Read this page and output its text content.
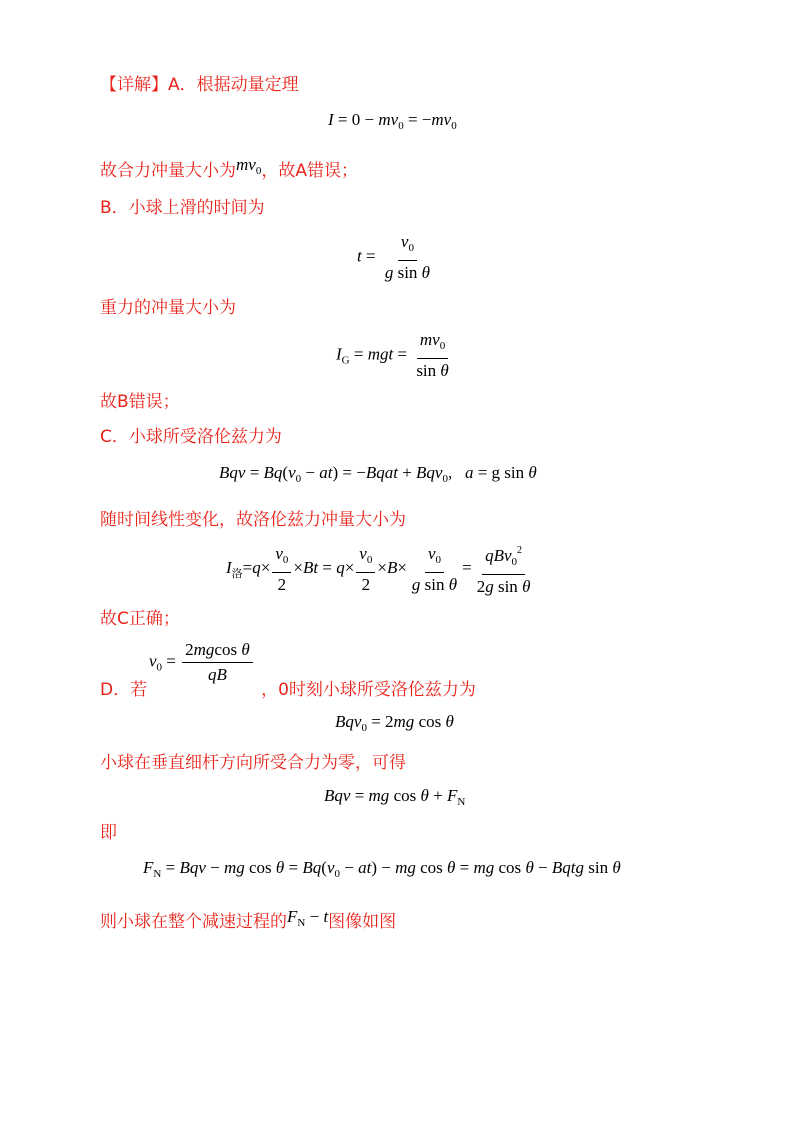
【详解】A．根据动量定理
$I = 0 - mv_0 = -mv_0$
故合力冲量大小为$mv_0$，故A错误；
B．小球上滑的时间为
$t = \frac{v_0}{\text{g sin θ}}$
重力的冲量大小为
$I_G$ = mgt = $\frac{mv_0}{\text{sin θ}}$
故B错误；
C．小球所受洛伦兹力为
Bqv = $Bq(v_0 - at)$ = −Bqat + Bqv$_0$,   a = g sin θ
随时间线性变化，故洛伦兹力冲量大小为
$I_洛=q\times \frac{v_0}{2} \times Bt = q\times \frac{v_0}{2} \times B\times \frac{v_0}{\text{g sin θ}} = \frac{qBv_0^2}{\text{2g sin θ}}$
故C正确；
$v_0 = \frac{\text{2mgcos θ}}{qB}$
D．若	，0时刻小球所受洛伦兹力为
Bqv$_0$ = 2mg cos θ
小球在垂直细杆方向所受合力为零，可得
Bqv = mg $\cos \theta + F_N$
即
$F_N$ = Bqv − mg $\cos \theta = Bq(v_0 - at)$ − mg cos θ = mg cos θ − Bqtg sin θ
则小球在整个减速过程的$F_N - t$图像如图
